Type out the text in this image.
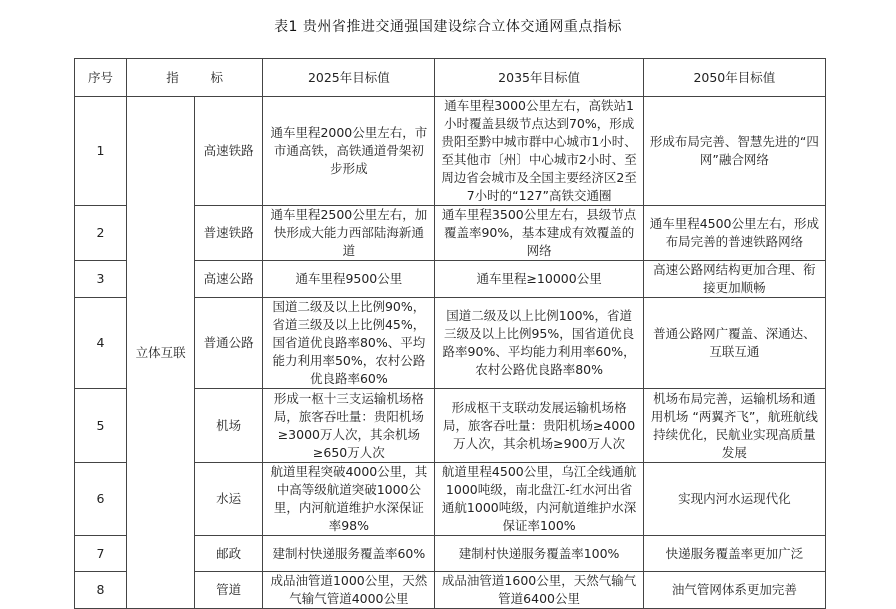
表1 贵州省推进交通强国建设综合立体交通网重点指标
序号	指        标		2025年目标值	2035年目标值	2050年目标值
1	立体互联	高速铁路	通车里程2000公里左右，市市通高铁，高铁通道骨架初步形成	通车里程3000公里左右，高铁站1小时覆盖县级节点达到70%，形成贵阳至黔中城市群中心城市1小时、至其他市〔州〕中心城市2小时、至周边省会城市及全国主要经济区2至7小时的“127”高铁交通圈	形成布局完善、智慧先进的“四网”融合网络
2		普速铁路	通车里程2500公里左右，加快形成大能力西部陆海新通道	通车里程3500公里左右，县级节点覆盖率90%，基本建成有效覆盖的网络	通车里程4500公里左右，形成布局完善的普速铁路网络
3		高速公路	通车里程9500公里	通车里程≥10000公里	高速公路网结构更加合理、衔接更加顺畅
4		普通公路	国道二级及以上比例90%，省道三级及以上比例45%，国省道优良路率80%、平均能力利用率50%，农村公路优良路率60%	国道二级及以上比例100%，省道三级及以上比例95%，国省道优良路率90%、平均能力利用率60%，农村公路优良路率80%	普通公路网广覆盖、深通达、互联互通
5		机场	形成一枢十三支运输机场格局，旅客吞吐量：贵阳机场≥3000万人次，其余机场≥650万人次	形成枢干支联动发展运输机场格局，旅客吞吐量：贵阳机场≥4000万人次，其余机场≥900万人次	机场布局完善，运输机场和通用机场 “两翼齐飞”，航班航线持续优化，民航业实现高质量发展
6		水运	航道里程突破4000公里，其中高等级航道突破1000公里，内河航道维护水深保证率98%	航道里程4500公里，乌江全线通航1000吨级，南北盘江-红水河出省通航1000吨级，内河航道维护水深保证率100%	实现内河水运现代化
7		邮政	建制村快递服务覆盖率60%	建制村快递服务覆盖率100%	快递服务覆盖率更加广泛
8		管道	成品油管道1000公里，天然气输气管道4000公里	成品油管道1600公里，天然气输气管道6400公里	油气管网体系更加完善
